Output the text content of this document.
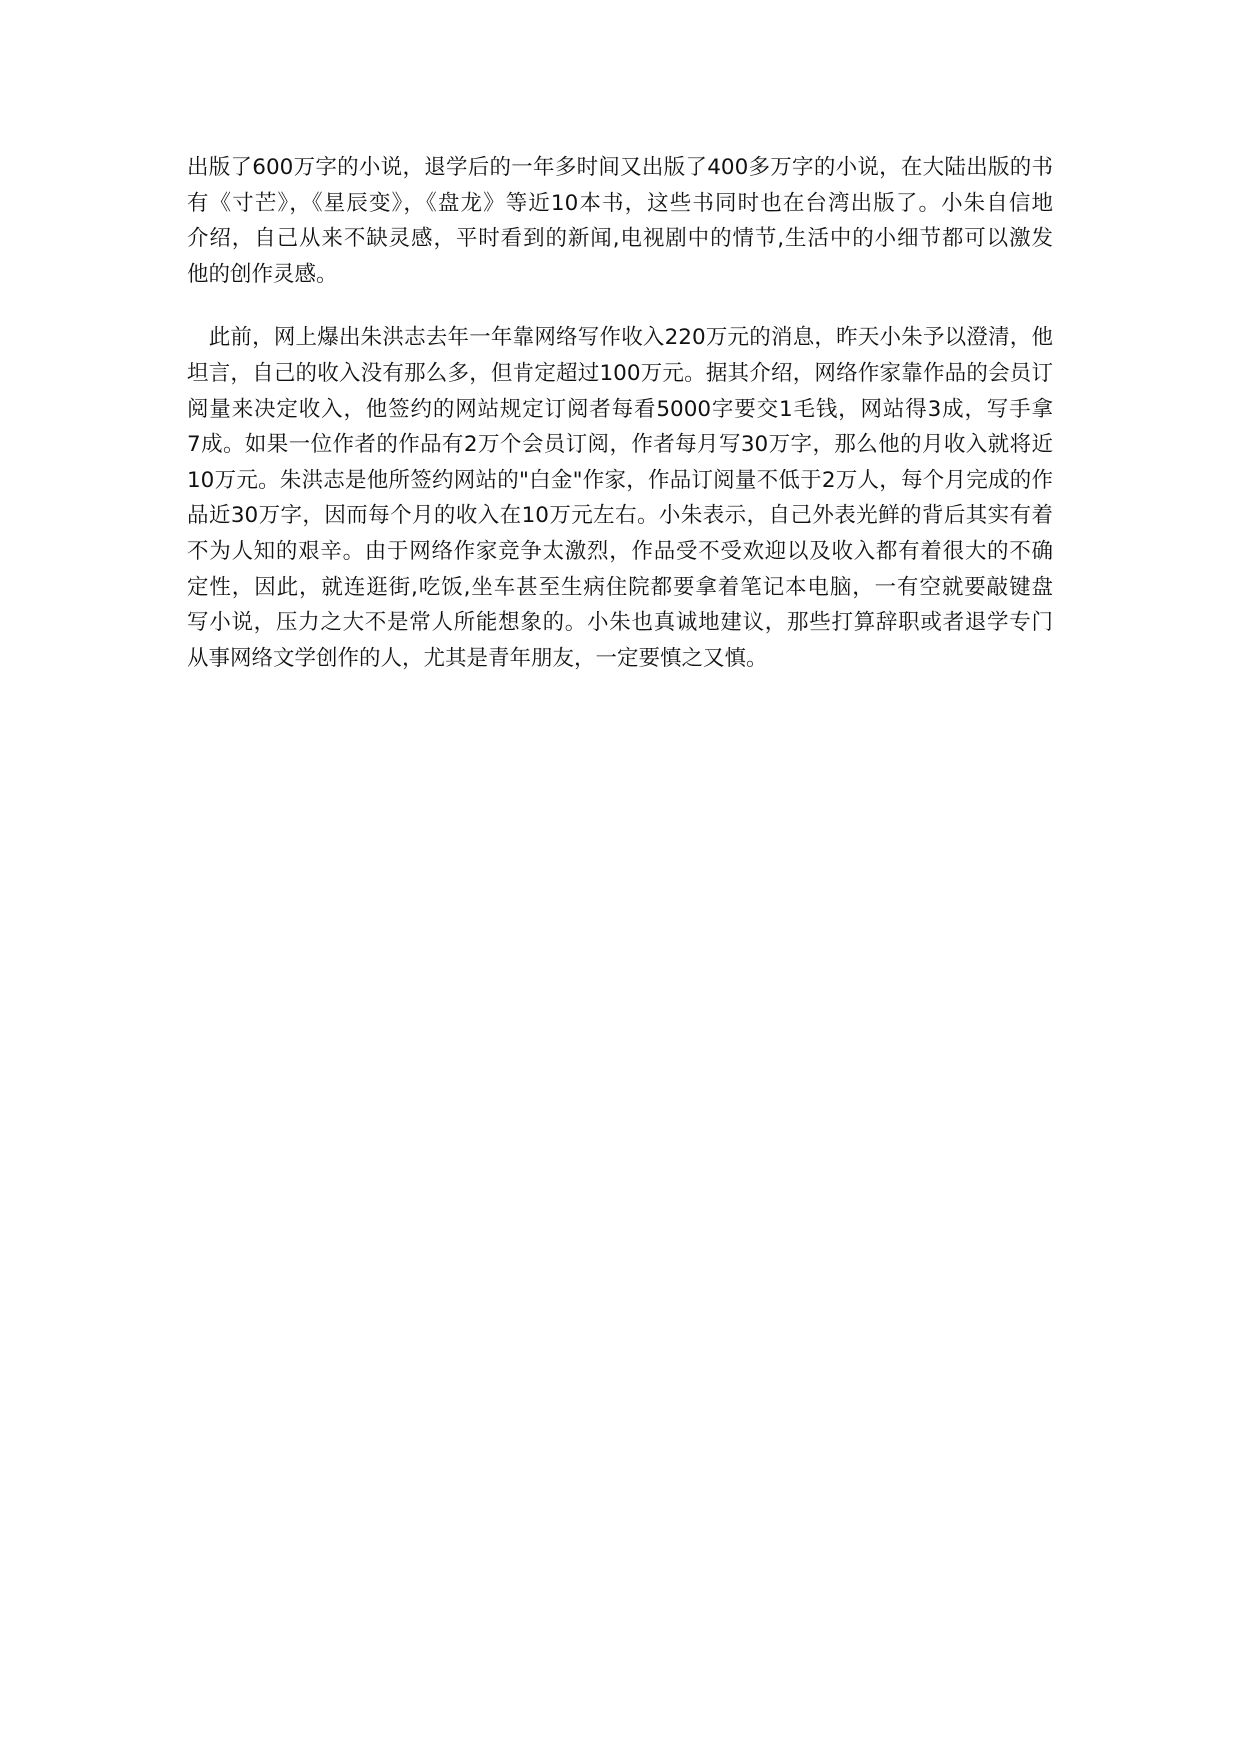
出版了600万字的小说，退学后的一年多时间又出版了400多万字的小说，在大陆出版的书
有《寸芒》，《星辰变》，《盘龙》等近10本书，这些书同时也在台湾出版了。小朱自信地
介绍，自己从来不缺灵感，平时看到的新闻,电视剧中的情节,生活中的小细节都可以激发
他的创作灵感。
　此前，网上爆出朱洪志去年一年靠网络写作收入220万元的消息，昨天小朱予以澄清，他
坦言，自己的收入没有那么多，但肯定超过100万元。据其介绍，网络作家靠作品的会员订
阅量来决定收入，他签约的网站规定订阅者每看5000字要交1毛钱，网站得3成，写手拿
7成。如果一位作者的作品有2万个会员订阅，作者每月写30万字，那么他的月收入就将近
10万元。朱洪志是他所签约网站的"白金"作家，作品订阅量不低于2万人，每个月完成的作
品近30万字，因而每个月的收入在10万元左右。小朱表示，自己外表光鲜的背后其实有着
不为人知的艰辛。由于网络作家竞争太激烈，作品受不受欢迎以及收入都有着很大的不确
定性，因此，就连逛街,吃饭,坐车甚至生病住院都要拿着笔记本电脑，一有空就要敲键盘
写小说，压力之大不是常人所能想象的。小朱也真诚地建议，那些打算辞职或者退学专门
从事网络文学创作的人，尤其是青年朋友，一定要慎之又慎。
